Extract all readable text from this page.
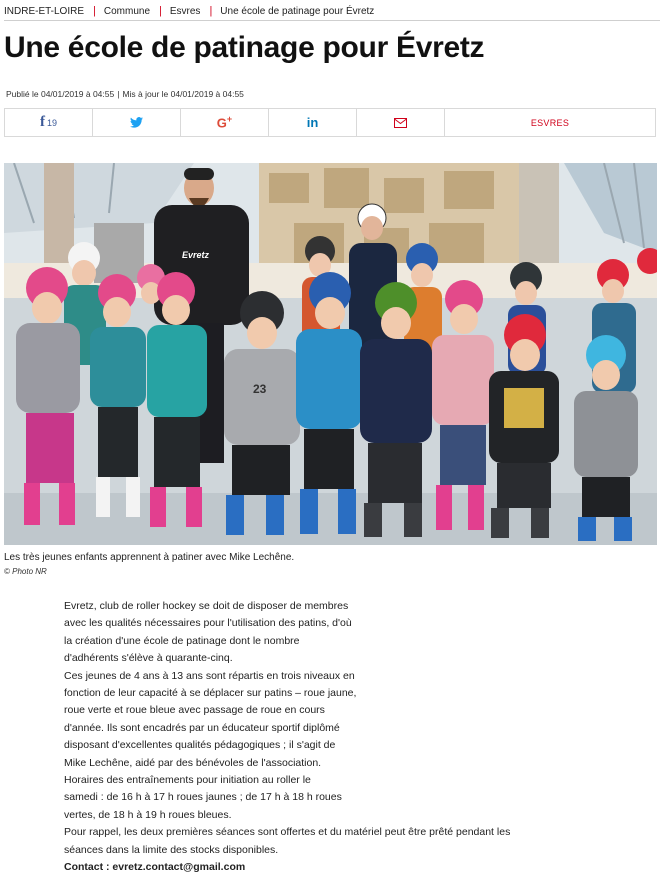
INDRE-ET-LOIRE | Commune | Esvres | Une école de patinage pour Évretz
Une école de patinage pour Évretz
Publié le 04/01/2019 à 04:55 | Mis à jour le 04/01/2019 à 04:55
f 19	G+	in	ESVRES
Evretz
23
Les très jeunes enfants apprennent à patiner avec Mike Lechêne.
© Photo NR

Evretz, club de roller hockey se doit de disposer de membres

avec les qualités nécessaires pour l'utilisation des patins, d'où

la création d'une école de patinage dont le nombre

d'adhérents s'élève à quarante-cinq.

Ces jeunes de 4 ans à 13 ans sont répartis en trois niveaux en

fonction de leur capacité à se déplacer sur patins – roue jaune,

roue verte et roue bleue avec passage de roue en cours

d'année. Ils sont encadrés par un éducateur sportif diplômé

disposant d'excellentes qualités pédagogiques ; il s'agit de

Mike Lechêne, aidé par des bénévoles de l'association.

Horaires des entraînements pour initiation au roller le

samedi : de 16 h à 17 h roues jaunes ; de 17 h à 18 h roues

vertes, de 18 h à 19 h roues bleues.

Pour rappel, les deux premières séances sont offertes et du matériel peut être prêté pendant les

séances dans la limite des stocks disponibles.

Contact : evretz.contact@gmail.com
